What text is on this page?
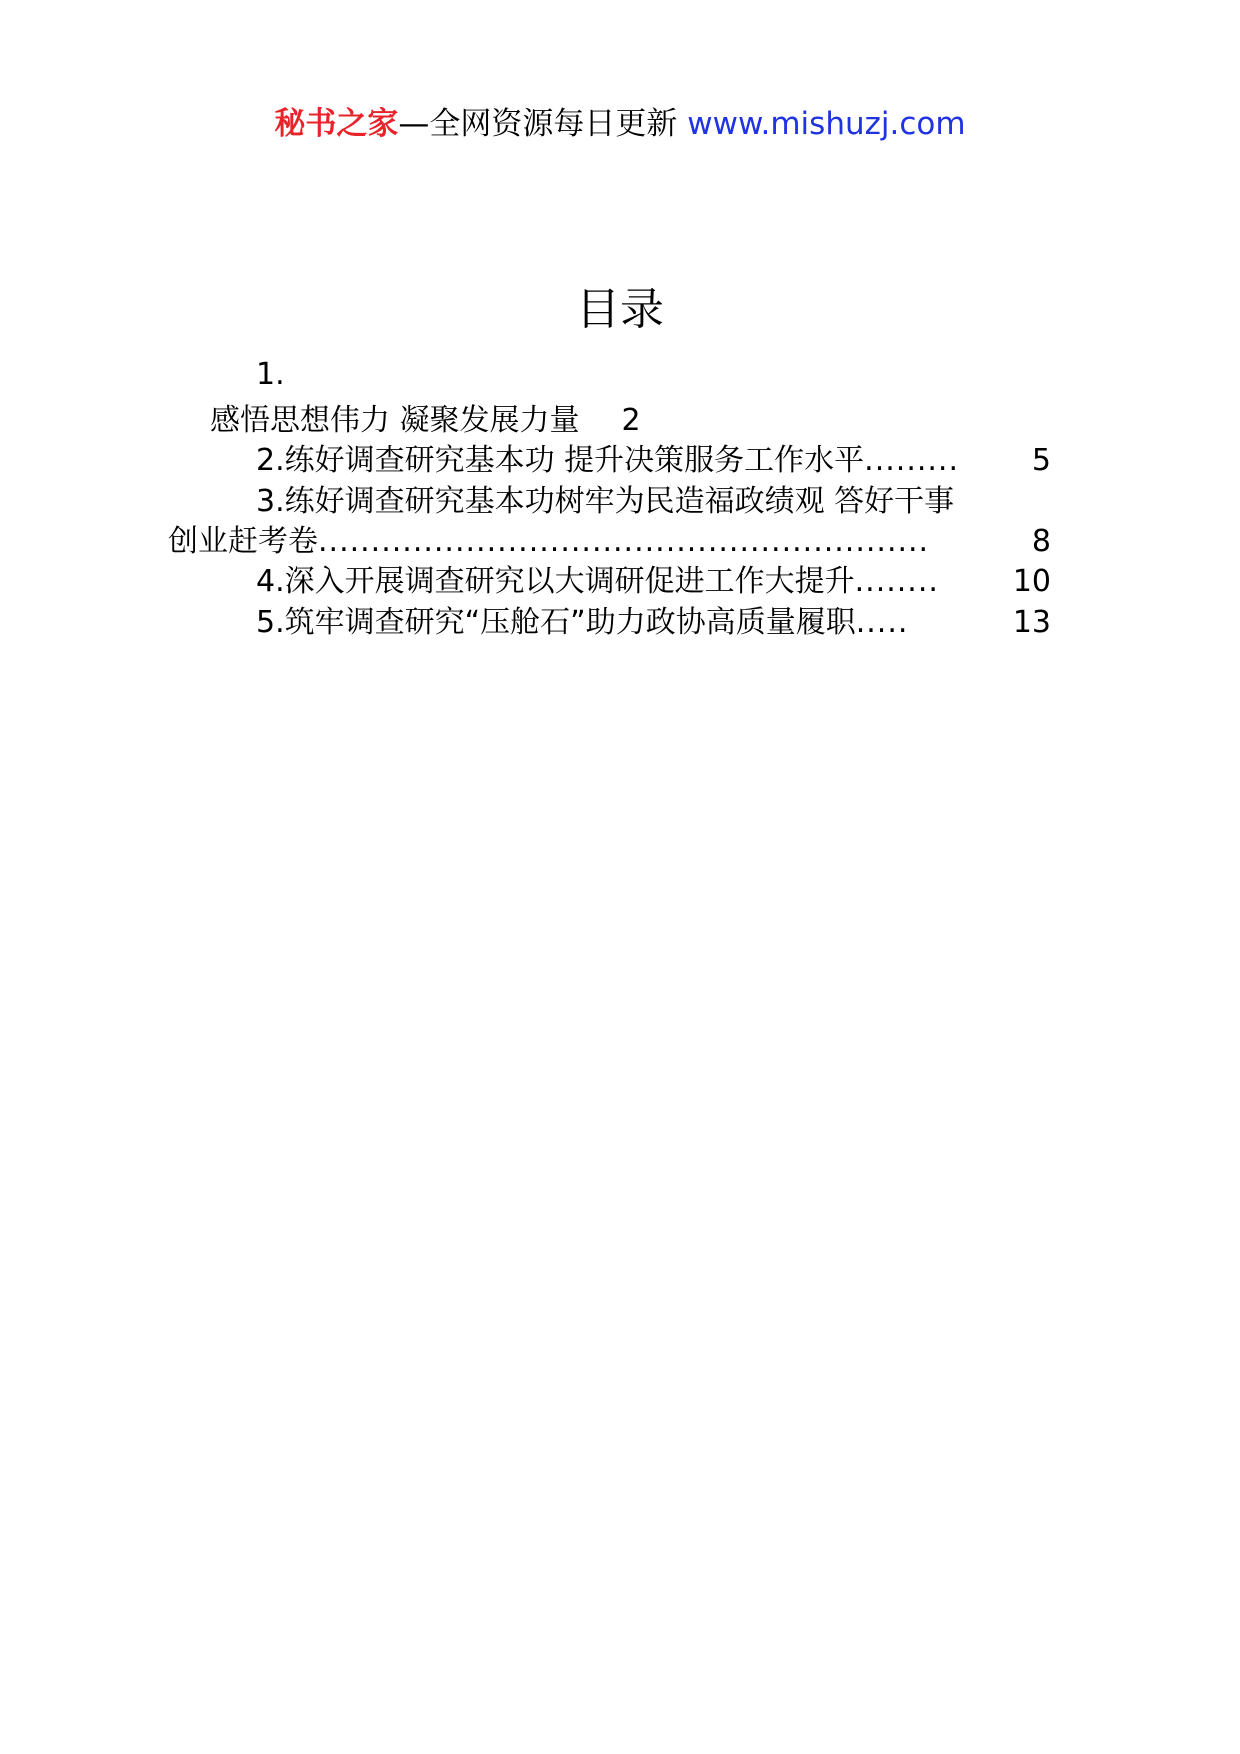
秘书之家—全网资源每日更新 www.mishuzj.com
目录
1.
感悟思想伟力 凝聚发展力量 2
2.练好调查研究基本功 提升决策服务工作水平 .........	5
3.练好调查研究基本功树牢为民造福政绩观 答好干事
创业赶考卷 ..........................................................	8
4.深入开展调查研究以大调研促进工作大提升 ........	10
5.筑牢调查研究“压舱石”助力政协高质量履职 .....	13
